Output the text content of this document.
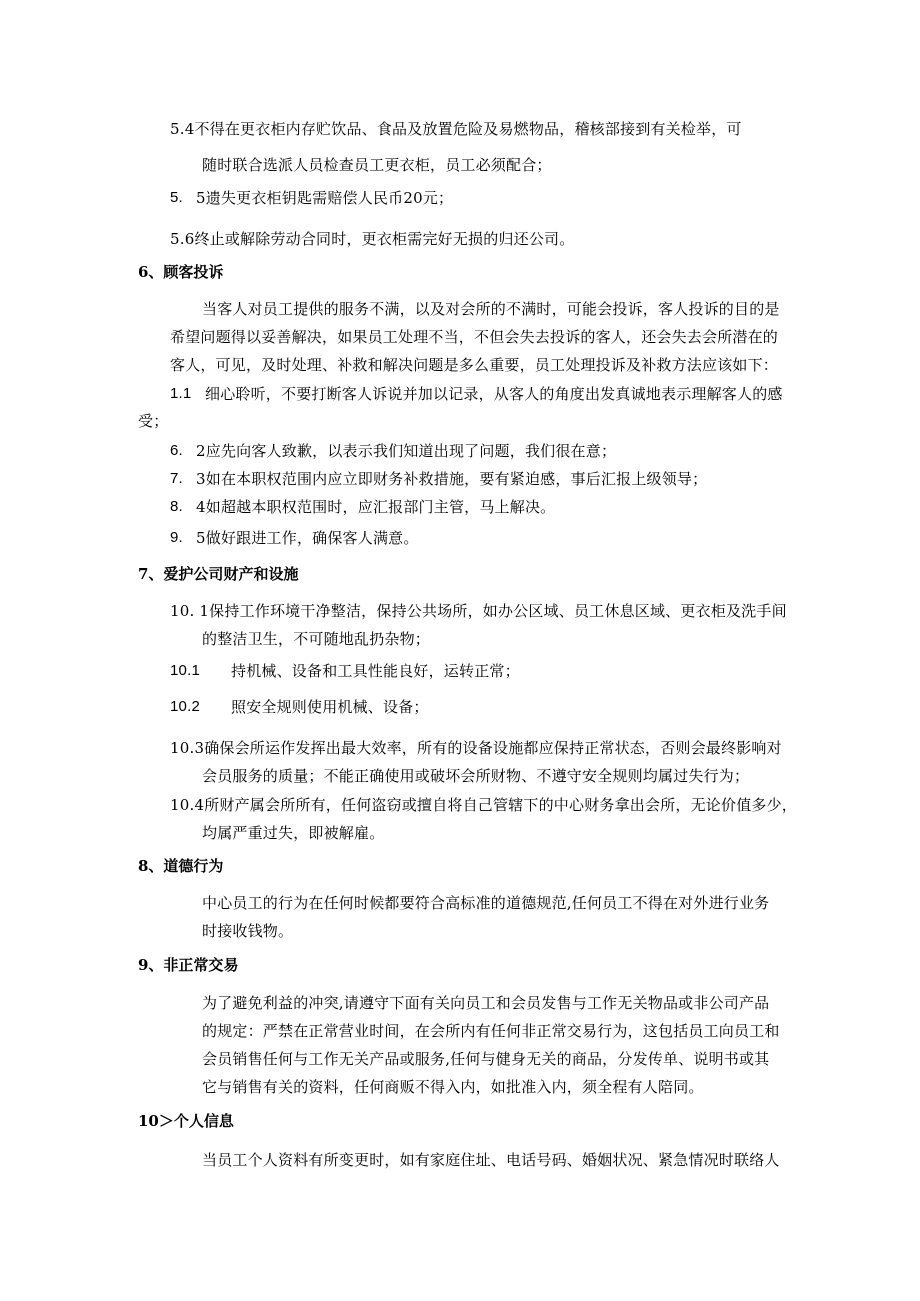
5.4不得在更衣柜内存贮饮品、食品及放置危险及易燃物品，稽核部接到有关检举，可
随时联合选派人员检查员工更衣柜，员工必须配合；
5. 5遗失更衣柜钥匙需赔偿人民币20元；
5.6终止或解除劳动合同时，更衣柜需完好无损的归还公司。
6、顾客投诉
当客人对员工提供的服务不满，以及对会所的不满时，可能会投诉，客人投诉的目的是
希望问题得以妥善解决，如果员工处理不当，不但会失去投诉的客人，还会失去会所潜在的
客人，可见，及时处理、补救和解决问题是多么重要，员工处理投诉及补救方法应该如下：
1.1 细心聆听，不要打断客人诉说并加以记录，从客人的角度出发真诚地表示理解客人的感
受；
6. 2应先向客人致歉，以表示我们知道出现了问题，我们很在意；
7. 3如在本职权范围内应立即财务补救措施，要有紧迫感，事后汇报上级领导；
8. 4如超越本职权范围时，应汇报部门主管，马上解决。
9. 5做好跟进工作，确保客人满意。
7、爱护公司财产和设施
10. 1保持工作环境干净整洁，保持公共场所，如办公区域、员工休息区域、更衣柜及洗手间
的整洁卫生，不可随地乱扔杂物；
10.1 持机械、设备和工具性能良好，运转正常；
10.2 照安全规则使用机械、设备；
10.3确保会所运作发挥出最大效率，所有的设备设施都应保持正常状态，否则会最终影响对
会员服务的质量；不能正确使用或破坏会所财物、不遵守安全规则均属过失行为；
10.4所财产属会所所有，任何盗窃或擅自将自己管辖下的中心财务拿出会所，无论价值多少，
均属严重过失，即被解雇。
8、道德行为
中心员工的行为在任何时候都要符合高标准的道德规范,任何员工不得在对外进行业务
时接收钱物。
9、非正常交易
为了避免利益的冲突,请遵守下面有关向员工和会员发售与工作无关物品或非公司产品
的规定：严禁在正常营业时间，在会所内有任何非正常交易行为，这包括员工向员工和
会员销售任何与工作无关产品或服务,任何与健身无关的商品，分发传单、说明书或其
它与销售有关的资料，任何商贩不得入内，如批准入内，须全程有人陪同。
10＞个人信息
当员工个人资料有所变更时，如有家庭住址、电话号码、婚姻状况、紧急情况时联络人
